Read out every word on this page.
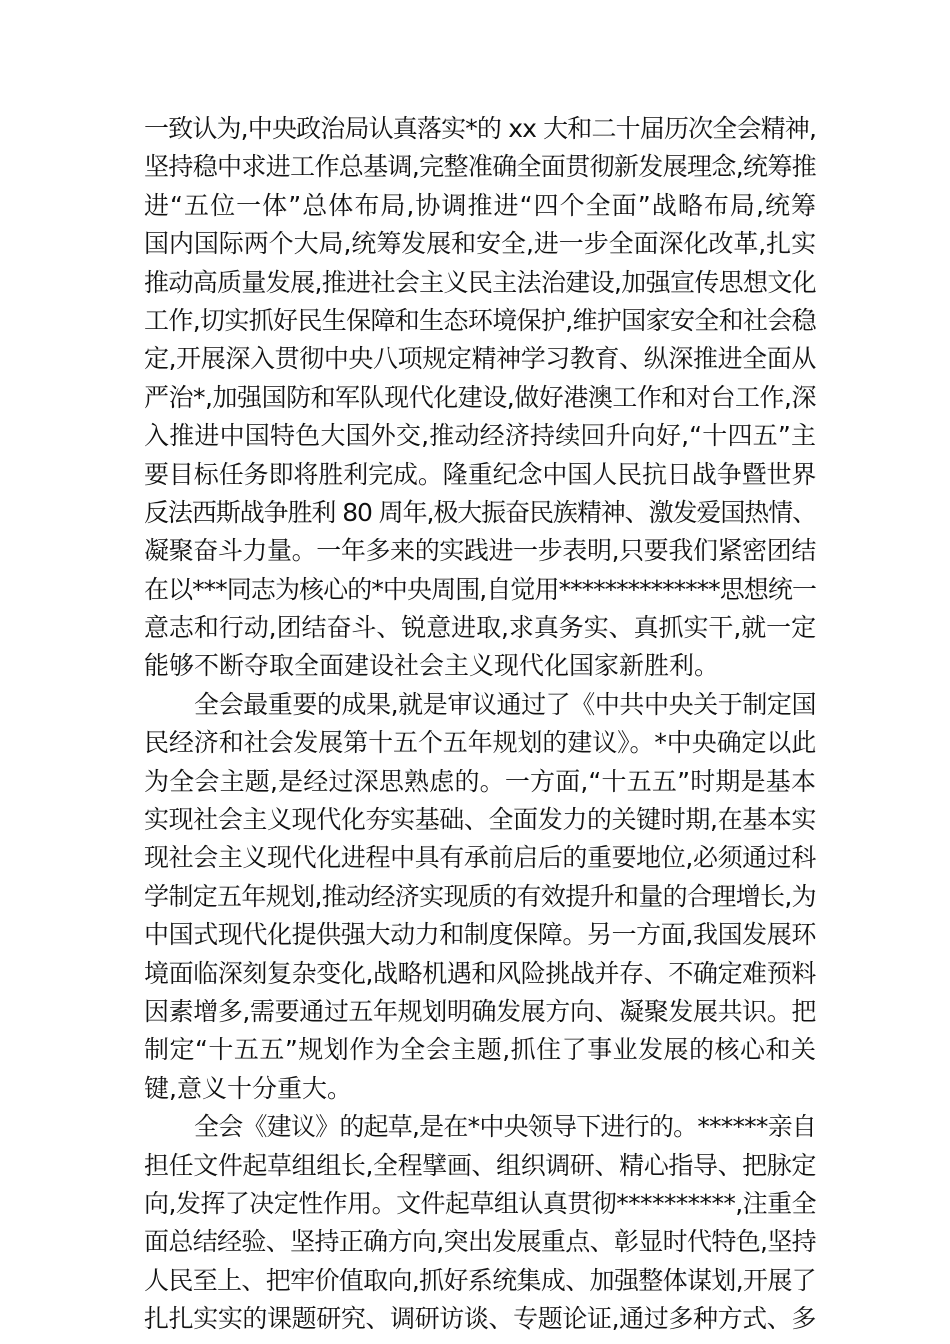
一致认为,中央政治局认真落实*的 xx 大和二十届历次全会精神,
坚持稳中求进工作总基调,完整准确全面贯彻新发展理念,统筹推
进“五位一体”总体布局,协调推进“四个全面”战略布局,统筹
国内国际两个大局,统筹发展和安全,进一步全面深化改革,扎实
推动高质量发展,推进社会主义民主法治建设,加强宣传思想文化
工作,切实抓好民生保障和生态环境保护,维护国家安全和社会稳
定,开展深入贯彻中央八项规定精神学习教育、纵深推进全面从
严治*,加强国防和军队现代化建设,做好港澳工作和对台工作,深
入推进中国特色大国外交,推动经济持续回升向好,“十四五”主
要目标任务即将胜利完成。隆重纪念中国人民抗日战争暨世界
反法西斯战争胜利 80 周年,极大振奋民族精神、激发爱国热情、
凝聚奋斗力量。一年多来的实践进一步表明,只要我们紧密团结
在以***同志为核心的*中央周围,自觉用**************思想统一
意志和行动,团结奋斗、锐意进取,求真务实、真抓实干,就一定
能够不断夺取全面建设社会主义现代化国家新胜利。
全会最重要的成果,就是审议通过了《中共中央关于制定国
民经济和社会发展第十五个五年规划的建议》。*中央确定以此
为全会主题,是经过深思熟虑的。一方面,“十五五”时期是基本
实现社会主义现代化夯实基础、全面发力的关键时期,在基本实
现社会主义现代化进程中具有承前启后的重要地位,必须通过科
学制定五年规划,推动经济实现质的有效提升和量的合理增长,为
中国式现代化提供强大动力和制度保障。另一方面,我国发展环
境面临深刻复杂变化,战略机遇和风险挑战并存、不确定难预料
因素增多,需要通过五年规划明确发展方向、凝聚发展共识。把
制定“十五五”规划作为全会主题,抓住了事业发展的核心和关
键,意义十分重大。
全会《建议》的起草,是在*中央领导下进行的。******亲自
担任文件起草组组长,全程擘画、组织调研、精心指导、把脉定
向,发挥了决定性作用。文件起草组认真贯彻**********,注重全
面总结经验、坚持正确方向,突出发展重点、彰显时代特色,坚持
人民至上、把牢价值取向,抓好系统集成、加强整体谋划,开展了
扎扎实实的课题研究、调研访谈、专题论证,通过多种方式、多
